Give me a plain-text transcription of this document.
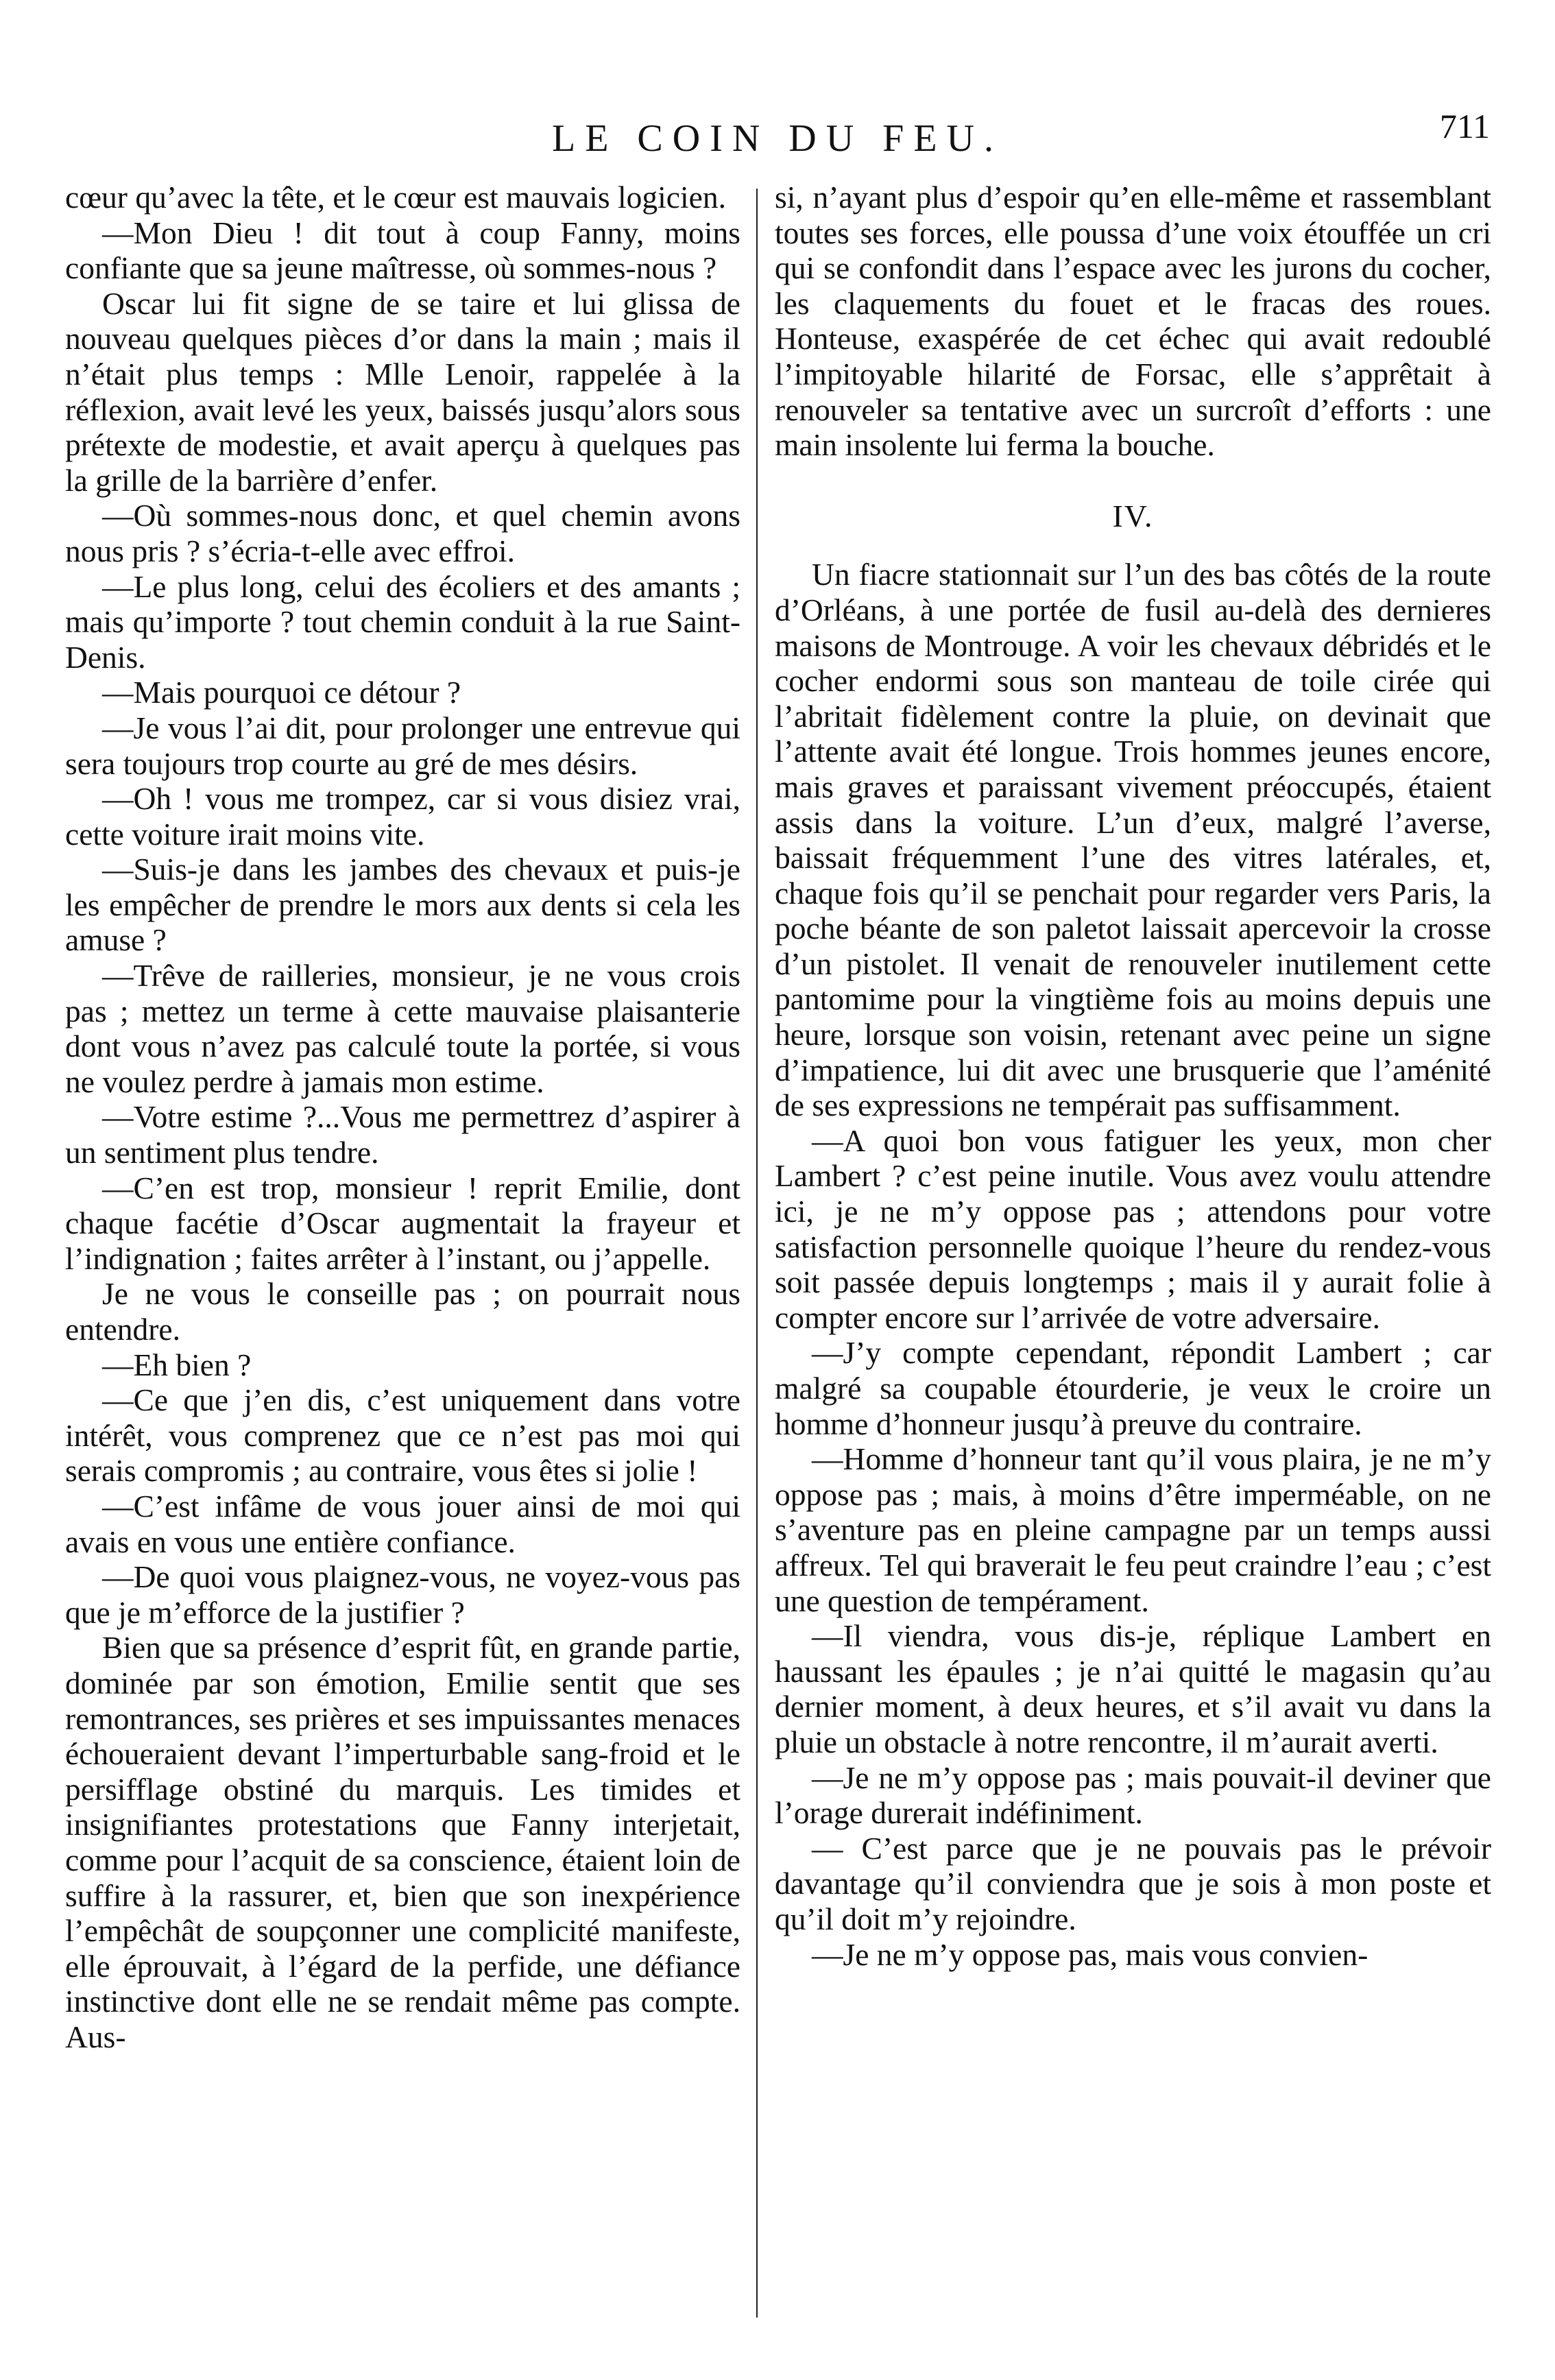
LE COIN DU FEU.	711

cœur qu’avec la tête, et le cœur est mauvais logicien.

—Mon Dieu ! dit tout à coup Fanny, moins confiante que sa jeune maîtresse, où sommes-nous ?

Oscar lui fit signe de se taire et lui glissa de nouveau quelques pièces d’or dans la main ; mais il n’était plus temps : Mlle Lenoir, rappelée à la réflexion, avait levé les yeux, baissés jusqu’alors sous prétexte de modestie, et avait aperçu à quelques pas la grille de la barrière d’enfer.

—Où sommes-nous donc, et quel chemin avons nous pris ? s’écria-t-elle avec effroi.

—Le plus long, celui des écoliers et des amants ; mais qu’importe ? tout chemin conduit à la rue Saint-Denis.

—Mais pourquoi ce détour ?

—Je vous l’ai dit, pour prolonger une entrevue qui sera toujours trop courte au gré de mes désirs.

—Oh ! vous me trompez, car si vous disiez vrai, cette voiture irait moins vite.

—Suis-je dans les jambes des chevaux et puis-je les empêcher de prendre le mors aux dents si cela les amuse ?

—Trêve de railleries, monsieur, je ne vous crois pas ; mettez un terme à cette mauvaise plaisanterie dont vous n’avez pas calculé toute la portée, si vous ne voulez perdre à jamais mon estime.

—Votre estime ?...Vous me permettrez d’aspirer à un sentiment plus tendre.

—C’en est trop, monsieur ! reprit Emilie, dont chaque facétie d’Oscar augmentait la frayeur et l’indignation ; faites arrêter à l’instant, ou j’appelle.

Je ne vous le conseille pas ; on pourrait nous entendre.

—Eh bien ?

—Ce que j’en dis, c’est uniquement dans votre intérêt, vous comprenez que ce n’est pas moi qui serais compromis ; au contraire, vous êtes si jolie !

—C’est infâme de vous jouer ainsi de moi qui avais en vous une entière confiance.

—De quoi vous plaignez-vous, ne voyez-vous pas que je m’efforce de la justifier ?

Bien que sa présence d’esprit fût, en grande partie, dominée par son émotion, Emilie sentit que ses remontrances, ses prières et ses impuissantes menaces échoueraient devant l’imperturbable sang-froid et le persifflage obstiné du marquis. Les timides et insignifiantes protestations que Fanny interjetait, comme pour l’acquit de sa conscience, étaient loin de suffire à la rassurer, et, bien que son inexpérience l’empêchât de soupçonner une complicité manifeste, elle éprouvait, à l’égard de la perfide, une défiance instinctive dont elle ne se rendait même pas compte. Aus-

si, n’ayant plus d’espoir qu’en elle-même et rassemblant toutes ses forces, elle poussa d’une voix étouffée un cri qui se confondit dans l’espace avec les jurons du cocher, les claquements du fouet et le fracas des roues. Honteuse, exaspérée de cet échec qui avait redoublé l’impitoyable hilarité de Forsac, elle s’apprêtait à renouveler sa tentative avec un surcroît d’efforts : une main insolente lui ferma la bouche.

IV.

Un fiacre stationnait sur l’un des bas côtés de la route d’Orléans, à une portée de fusil au-delà des dernieres maisons de Montrouge. A voir les chevaux débridés et le cocher endormi sous son manteau de toile cirée qui l’abritait fidèlement contre la pluie, on devinait que l’attente avait été longue. Trois hommes jeunes encore, mais graves et paraissant vivement préoccupés, étaient assis dans la voiture. L’un d’eux, malgré l’averse, baissait fréquemment l’une des vitres latérales, et, chaque fois qu’il se penchait pour regarder vers Paris, la poche béante de son paletot laissait apercevoir la crosse d’un pistolet. Il venait de renouveler inutilement cette pantomime pour la vingtième fois au moins depuis une heure, lorsque son voisin, retenant avec peine un signe d’impatience, lui dit avec une brusquerie que l’aménité de ses expressions ne tempérait pas suffisamment.

—A quoi bon vous fatiguer les yeux, mon cher Lambert ? c’est peine inutile. Vous avez voulu attendre ici, je ne m’y oppose pas ; attendons pour votre satisfaction personnelle quoique l’heure du rendez-vous soit passée depuis longtemps ; mais il y aurait folie à compter encore sur l’arrivée de votre adversaire.

—J’y compte cependant, répondit Lambert ; car malgré sa coupable étourderie, je veux le croire un homme d’honneur jusqu’à preuve du contraire.

—Homme d’honneur tant qu’il vous plaira, je ne m’y oppose pas ; mais, à moins d’être imperméable, on ne s’aventure pas en pleine campagne par un temps aussi affreux. Tel qui braverait le feu peut craindre l’eau ; c’est une question de tempérament.

—Il viendra, vous dis-je, réplique Lambert en haussant les épaules ; je n’ai quitté le magasin qu’au dernier moment, à deux heures, et s’il avait vu dans la pluie un obstacle à notre rencontre, il m’aurait averti.

—Je ne m’y oppose pas ; mais pouvait-il deviner que l’orage durerait indéfiniment.

— C’est parce que je ne pouvais pas le prévoir davantage qu’il conviendra que je sois à mon poste et qu’il doit m’y rejoindre.

—Je ne m’y oppose pas, mais vous convien-
